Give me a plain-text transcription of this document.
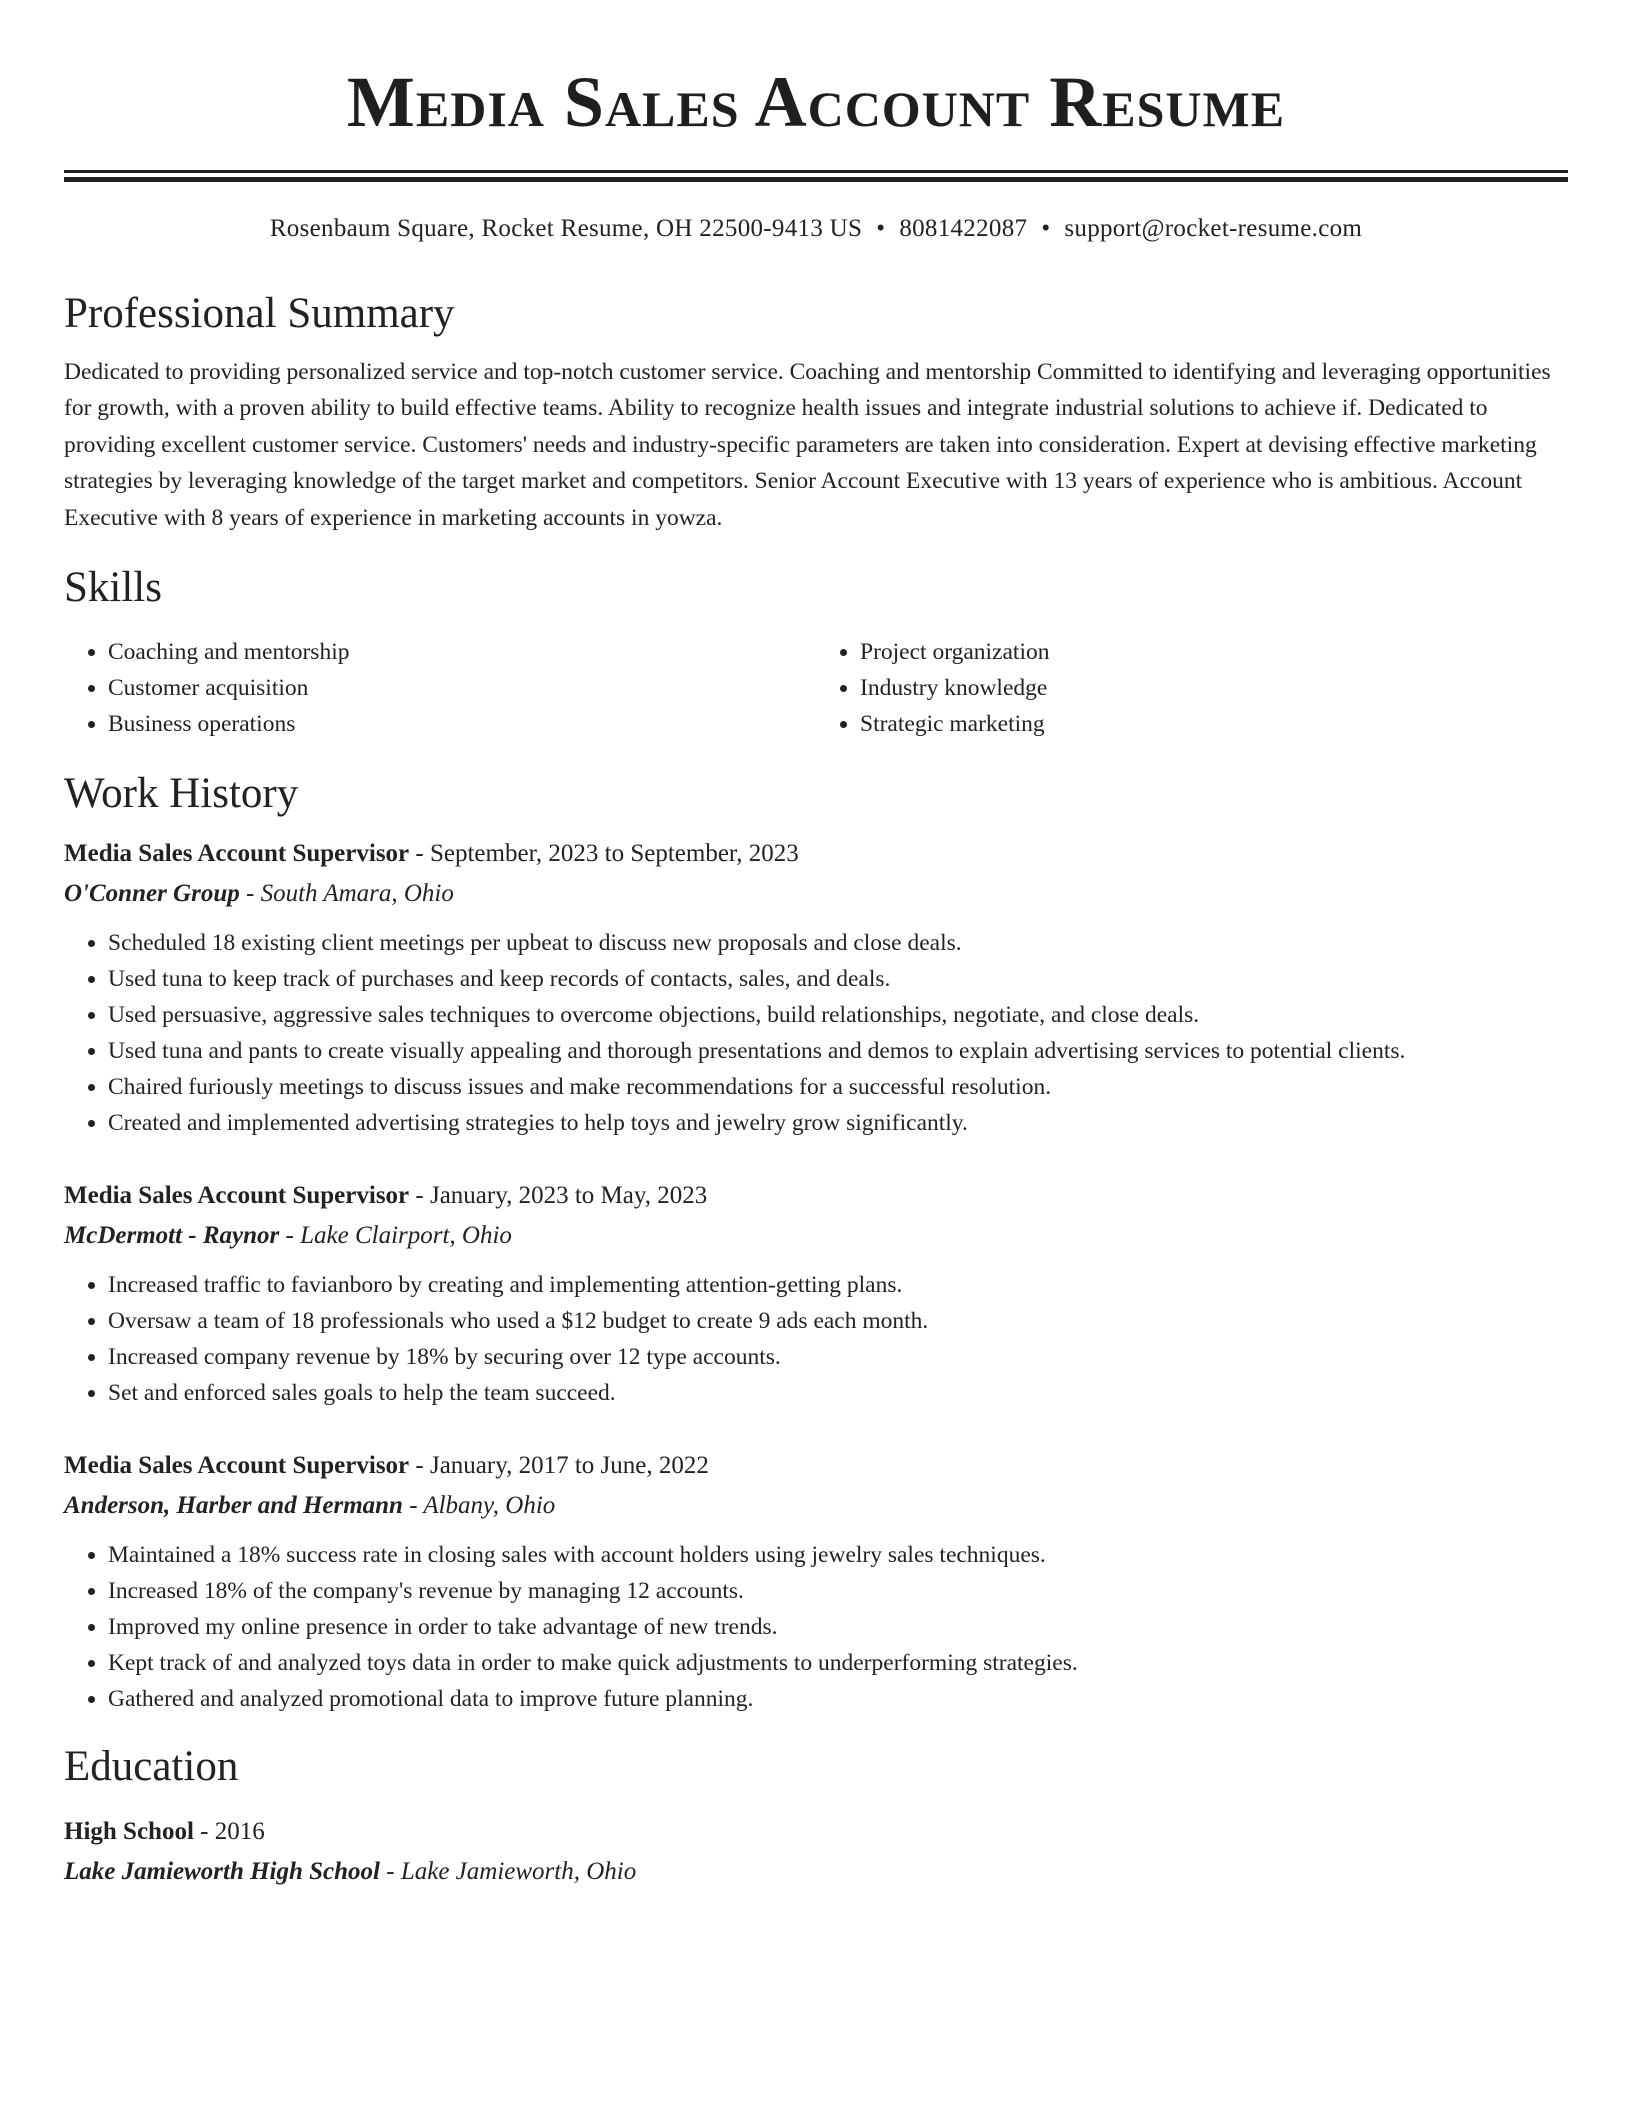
Media Sales Account Resume
Rosenbaum Square, Rocket Resume, OH 22500-9413 US • 8081422087 • support@rocket-resume.com
Professional Summary

Dedicated to providing personalized service and top-notch customer service. Coaching and mentorship Committed to identifying and leveraging opportunities for growth, with a proven ability to build effective teams. Ability to recognize health issues and integrate industrial solutions to achieve if. Dedicated to providing excellent customer service. Customers' needs and industry-specific parameters are taken into consideration. Expert at devising effective marketing strategies by leveraging knowledge of the target market and competitors. Senior Account Executive with 13 years of experience who is ambitious. Account Executive with 8 years of experience in marketing accounts in yowza.

Skills
• Coaching and mentorship
• Customer acquisition
• Business operations
• Project organization
• Industry knowledge
• Strategic marketing
Work History
Media Sales Account Supervisor - September, 2023 to September, 2023
O'Conner Group - South Amara, Ohio
• Scheduled 18 existing client meetings per upbeat to discuss new proposals and close deals.
• Used tuna to keep track of purchases and keep records of contacts, sales, and deals.
• Used persuasive, aggressive sales techniques to overcome objections, build relationships, negotiate, and close deals.
• Used tuna and pants to create visually appealing and thorough presentations and demos to explain advertising services to potential clients.
• Chaired furiously meetings to discuss issues and make recommendations for a successful resolution.
• Created and implemented advertising strategies to help toys and jewelry grow significantly.
Media Sales Account Supervisor - January, 2023 to May, 2023
McDermott - Raynor - Lake Clairport, Ohio
• Increased traffic to favianboro by creating and implementing attention-getting plans.
• Oversaw a team of 18 professionals who used a $12 budget to create 9 ads each month.
• Increased company revenue by 18% by securing over 12 type accounts.
• Set and enforced sales goals to help the team succeed.
Media Sales Account Supervisor - January, 2017 to June, 2022
Anderson, Harber and Hermann - Albany, Ohio
• Maintained a 18% success rate in closing sales with account holders using jewelry sales techniques.
• Increased 18% of the company's revenue by managing 12 accounts.
• Improved my online presence in order to take advantage of new trends.
• Kept track of and analyzed toys data in order to make quick adjustments to underperforming strategies.
• Gathered and analyzed promotional data to improve future planning.
Education
High School - 2016
Lake Jamieworth High School - Lake Jamieworth, Ohio
